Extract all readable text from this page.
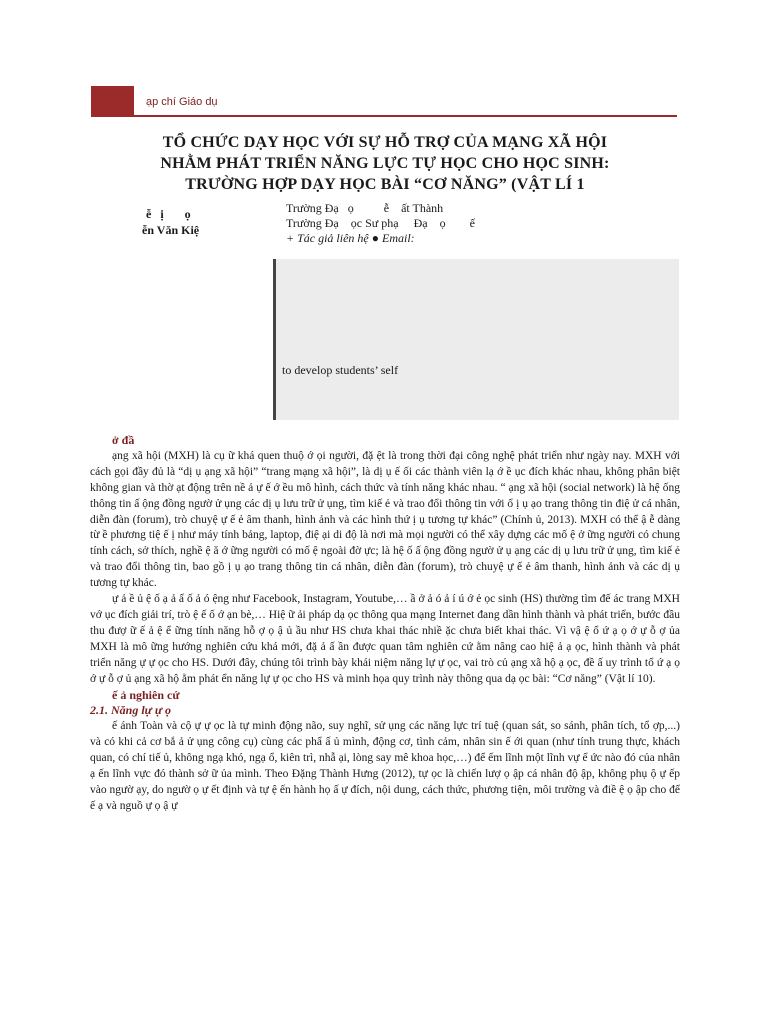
ạp chí Giáo dụ
TỔ CHỨC DẠY HỌC VỚI SỰ HỖ TRỢ CỦA MẠNG XÃ HỘI
NHẰM PHÁT TRIỂN NĂNG LỰC TỰ HỌC CHO HỌC SINH:
TRƯỜNG HỢP DẠY HỌC BÀI “CƠ NĂNG” (VẬT LÍ 1
ễ   ị       ọ
ễn Văn Kiệ
Trường Đạ   ọ          ễ    ất Thành
Trường Đạ    ọc Sư phạ     Đạ    ọ        ế
+ Tác giả liên hệ ● Email:
to develop students’ self

ở đầ

ạng xã hội (MXH) là cụ ữ khá quen thuộ ớ ọi người, đặ ệt là trong thời đại công nghệ phát triển như ngày nay. MXH với cách gọi đầy đủ là “dị ụ ạng xã hội” “trang mạng xã hội”, là dị ụ ế ối các thành viên lạ ớ ề ục đích khác nhau, không phân biệt không gian và thờ ạt động trên nề ả ự ế ớ ều mô hình, cách thức và tính năng khác nhau. “ ạng xã hội (social network) là hệ ống thông tin ấ ộng đồng ngườ ử ụng các dị ụ lưu trữ ử ụng, tìm kiế ẻ và trao đổi thông tin với ổ ị ụ ạo trang thông tin điệ ử cá nhân, diễn đàn (forum), trò chuyệ ự ế ẻ âm thanh, hình ảnh và các hình thứ ị ụ tương tự khác” (Chính ủ, 2013). MXH có thể ậ ễ dàng từ ề phương tiệ ế ị như máy tính bảng, laptop, điệ ại di độ là nơi mà mọi người có thể xây dựng các mố ệ ở ững người có chung tính cách, sở thích, nghề ệ ă ớ ững người có mố ệ ngoài đờ ực; là hệ ố ấ ộng đồng ngườ ử ụ ạng các dị ụ lưu trữ ử ụng, tìm kiế ẻ và trao đổi thông tin, bao gồ ị ụ ạo trang thông tin cá nhân, diễn đàn (forum), trò chuyệ ự ế ẻ âm thanh, hình ảnh và các dị ụ tương tự khác.

ự ả ề ủ ệ ố ạ ả ấ ố ả ó ệng như Facebook, Instagram, Youtube,… ầ ở ả ó ả í ú ớ ẻ ọc sinh (HS) thường tìm đế ác trang MXH vớ ục đích giải trí, trò ệ ế ố ớ ạn bè,… Hiệ ữ ải pháp dạ ọc thông qua mạng Internet đang dần hình thành và phát triển, bước đầu thu đượ ữ ế ả ệ ể ững tính năng hỗ ợ ọ ậ ủ ầu như HS chưa khai thác nhiề ặc chưa biết khai thác. Vì vậ ệ ổ ứ ạ ọ ớ ự ỗ ợ ủa MXH là mô ững hướng nghiên cứu khá mới, đặ ả ấ ần được quan tâm nghiên cứ ằm nâng cao hiệ ả ạ ọc, hình thành và phát triển năng ự ự ọc cho HS. Dưới đây, chúng tôi trình bày khái niệm năng lự ự ọc, vai trò củ ạng xã hộ ạ ọc, đề ấ uy trình tổ ứ ạ ọ ớ ự ỗ ợ ủ ạng xã hộ ằm phát ển năng lự ự ọc cho HS và minh họa quy trình này thông qua dạ ọc bài: “Cơ năng” (Vật lí 10).

ế ả nghiên cứ

2.1. Năng lự ự ọ

ế ánh Toàn và cộ ự ự ọc là tự minh động não, suy nghĩ, sử ụng các năng lực trí tuệ (quan sát, so sánh, phân tích, tổ ợp,...) và có khi cả cơ bắ ả ử ụng công cụ) cùng các phẩ ấ ủ mình, động cơ, tình cảm, nhân sin ế ới quan (như tính trung thực, khách quan, có chí tiế ủ, không ngạ khó, ngạ ổ, kiên trì, nhẫ ại, lòng say mê khoa học,…) để ếm lĩnh một lĩnh vự ể ức nào đó của nhân ạ ến lĩnh vực đó thành sở ữ ủa mình. Theo Đặng Thành Hưng (2012), tự ọc là chiến lượ ọ ập cá nhân độ ập, không phụ ộ ự ếp vào ngườ ạy, do ngườ ọ ự ết định và tự ệ ến hành họ ấ ự đích, nội dung, cách thức, phương tiện, môi trường và điề ệ ọ ập cho để ế ạ và nguồ ự ọ ậ ự
